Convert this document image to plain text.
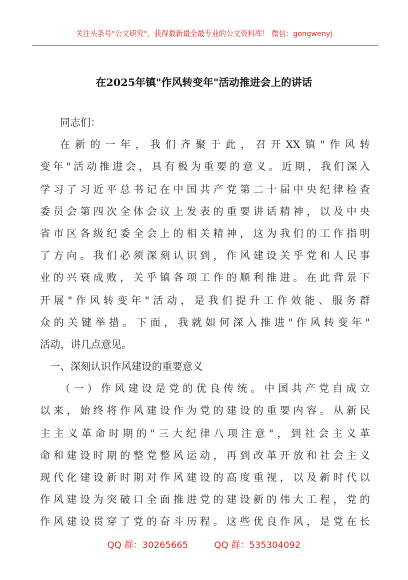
关注头条号"公文研究"，获得最新最全最专业的公文资料库！ 微信：gongwenyj
在2025年镇"作风转变年"活动推进会上的讲话
同志们：
在新的一年，我们齐聚于此，召开XX镇"作风转
变年"活动推进会，具有极为重要的意义。近期，我们深入
学习了习近平总书记在中国共产党第二十届中央纪律检查
委员会第四次全体会议上发表的重要讲话精神，以及中央
省市区各级纪委全会上的相关精神，这为我们的工作指明
了方向。我们必须深刻认识到，作风建设关乎党和人民事
业的兴衰成败，关乎镇各项工作的顺利推进。在此背景下
开展"作风转变年"活动，是我们提升工作效能、服务群
众的关键举措。下面，我就如何深入推进"作风转变年"
活动，讲几点意见。
一、深刻认识作风建设的重要意义
（一）作风建设是党的优良传统。中国共产党自成立
以来，始终将作风建设作为党的建设的重要内容。从新民
主主义革命时期的"三大纪律八项注意"，到社会主义革
命和建设时期的整党整风运动，再到改革开放和社会主义
现代化建设新时期对作风建设的高度重视，以及新时代以
作风建设为突破口全面推进党的建设新的伟大工程，党的
作风建设贯穿了党的奋斗历程。这些优良作风，是党在长
QQ 群：30265665	QQ 群：535304092
